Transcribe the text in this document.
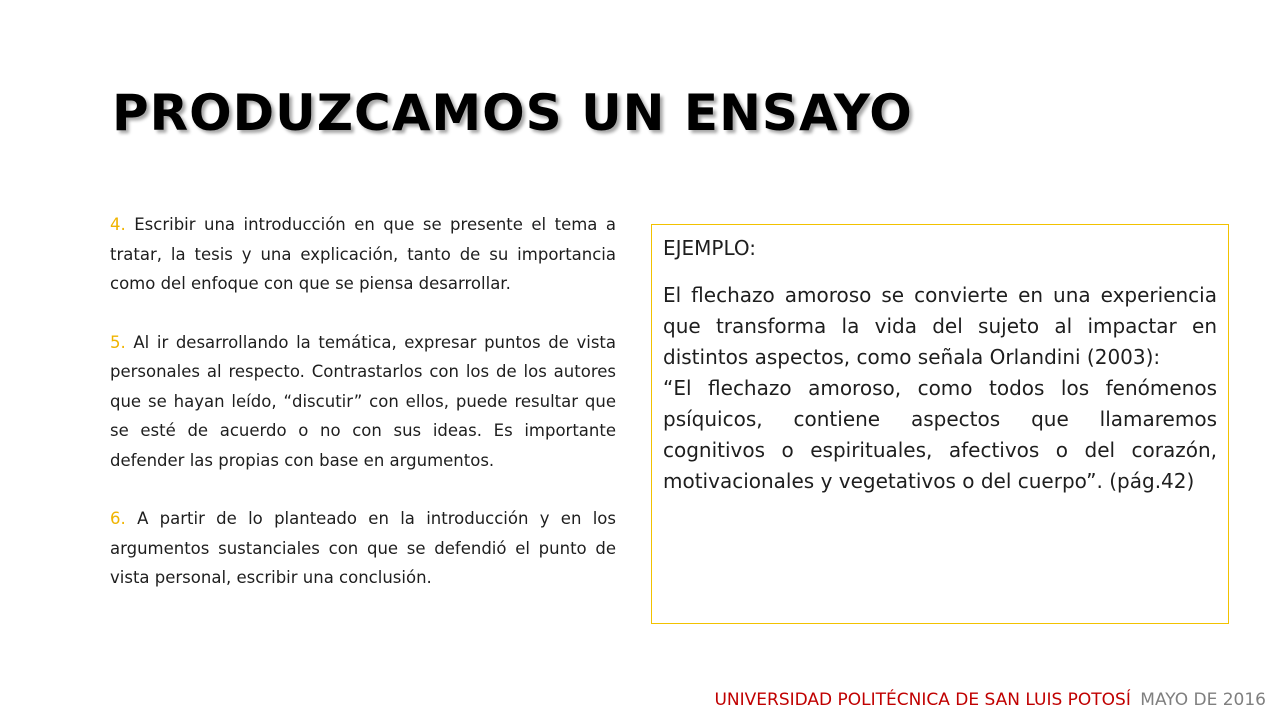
PRODUZCAMOS UN ENSAYO

4. Escribir una introducción en que se presente el tema a tratar, la tesis y una explicación, tanto de su importancia como del enfoque con que se piensa desarrollar.

5. Al ir desarrollando la temática, expresar puntos de vista personales al respecto. Contrastarlos con los de los autores que se hayan leído, “discutir” con ellos, puede resultar que se esté de acuerdo o no con sus ideas. Es importante defender las propias con base en argumentos.

6. A partir de lo planteado en la introducción y en los argumentos sustanciales con que se defendió el punto de vista personal, escribir una conclusión.

EJEMPLO:

El flechazo amoroso se convierte en una experiencia que transforma la vida del sujeto al impactar en distintos aspectos, como señala Orlandini (2003):

“El flechazo amoroso, como todos los fenómenos psíquicos, contiene aspectos que llamaremos cognitivos o espirituales, afectivos o del corazón, motivacionales y vegetativos o del cuerpo”. (pág.42)

UNIVERSIDAD POLITÉCNICA DE SAN LUIS POTOSÍ MAYO DE 2016
